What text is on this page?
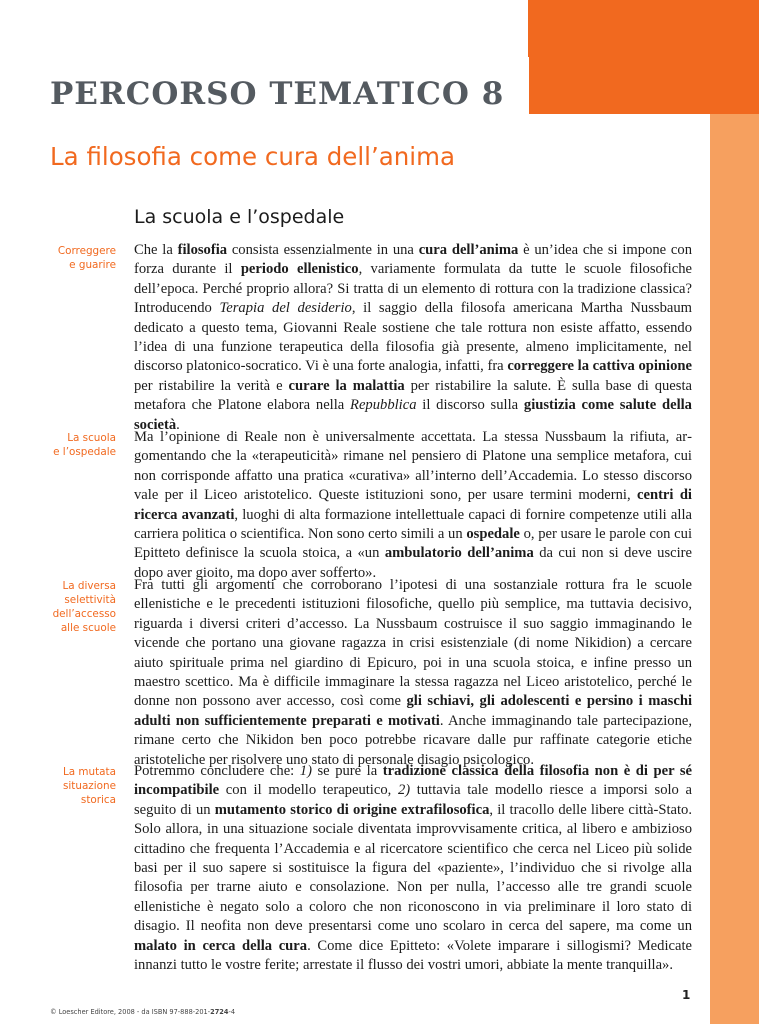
PERCORSO TEMATICO 8
La filosofia come cura dell’anima
La scuola e l’ospedale
Correggere
e guarire
La scuola
e l’ospedale
La diversa
selettività
dell’accesso
alle scuole
La mutata
situazione
storica

Che la filosofia consista essenzialmente in una cura dell’anima è un’idea che si impone con forza durante il periodo ellenistico, variamente formulata da tutte le scuole filosofiche dell’epoca. Perché proprio allora? Si tratta di un elemento di rottura con la tradizione classica? Introducendo Terapia del desiderio, il saggio della filosofa americana Martha Nussbaum dedicato a questo tema, Giovanni Reale sostiene che tale rottura non esiste affatto, essendo l’idea di una funzione terapeutica della filosofia già presente, almeno implicitamente, nel discorso platonico-socratico. Vi è una forte analogia, infatti, fra correggere la cattiva opinione per ristabilire la verità e curare la malattia per ristabilire la salute. È sulla base di questa metafora che Platone elabora nella Repubblica il discorso sulla giustizia come salute della società.

Ma l’opinione di Reale non è universalmente accettata. La stessa Nussbaum la rifiuta, argomentando che la «terapeuticità» rimane nel pensiero di Platone una semplice metafora, cui non corrisponde affatto una pratica «curativa» all’interno dell’Accademia. Lo stesso discorso vale per il Liceo aristotelico. Queste istituzioni sono, per usare termini moderni, centri di ricerca avanzati, luoghi di alta formazione intellettuale capaci di fornire competenze utili alla carriera politica o scientifica. Non sono certo simili a un ospedale o, per usare le parole con cui Epitteto definisce la scuola stoica, a «un ambulatorio dell’anima da cui non si deve uscire dopo aver gioito, ma dopo aver sofferto».

Fra tutti gli argomenti che corroborano l’ipotesi di una sostanziale rottura fra le scuole ellenistiche e le precedenti istituzioni filosofiche, quello più semplice, ma tuttavia decisivo, riguarda i diversi criteri d’accesso. La Nussbaum costruisce il suo saggio immaginando le vicende che portano una giovane ragazza in crisi esistenziale (di nome Nikidion) a cercare aiuto spirituale prima nel giardino di Epicuro, poi in una scuola stoica, e infine presso un maestro scettico. Ma è difficile immaginare la stessa ragazza nel Liceo aristotelico, perché le donne non possono aver accesso, così come gli schiavi, gli adolescenti e persino i maschi adulti non sufficientemente preparati e motivati. Anche immaginando tale partecipazione, rimane certo che Nikidon ben poco potrebbe ricavare dalle pur raffinate categorie etiche aristoteliche per risolvere uno stato di personale disagio psicologico.

Potremmo concludere che: 1) se pure la tradizione classica della filosofia non è di per sé incompatibile con il modello terapeutico, 2) tuttavia tale modello riesce a imporsi solo a seguito di un mutamento storico di origine extrafilosofica, il tracollo delle libere città-Stato. Solo allora, in una situazione sociale diventata improvvisamente critica, al libero e ambizioso cittadino che frequenta l’Accademia e al ricercatore scientifico che cerca nel Liceo più solide basi per il suo sapere si sostituisce la figura del «paziente», l’individuo che si rivolge alla filosofia per trarne aiuto e consolazione. Non per nulla, l’accesso alle tre grandi scuole ellenistiche è negato solo a coloro che non riconoscono in via preliminare il loro stato di disagio. Il neofita non deve presentarsi come uno scolaro in cerca del sapere, ma come un malato in cerca della cura. Come dice Epitteto: «Volete imparare i sillogismi? Medicate innanzi tutto le vostre ferite; arrestate il flusso dei vostri umori, abbiate la mente tranquilla».

© Loescher Editore, 2008 - da ISBN 97-888-201-2724-4
1
